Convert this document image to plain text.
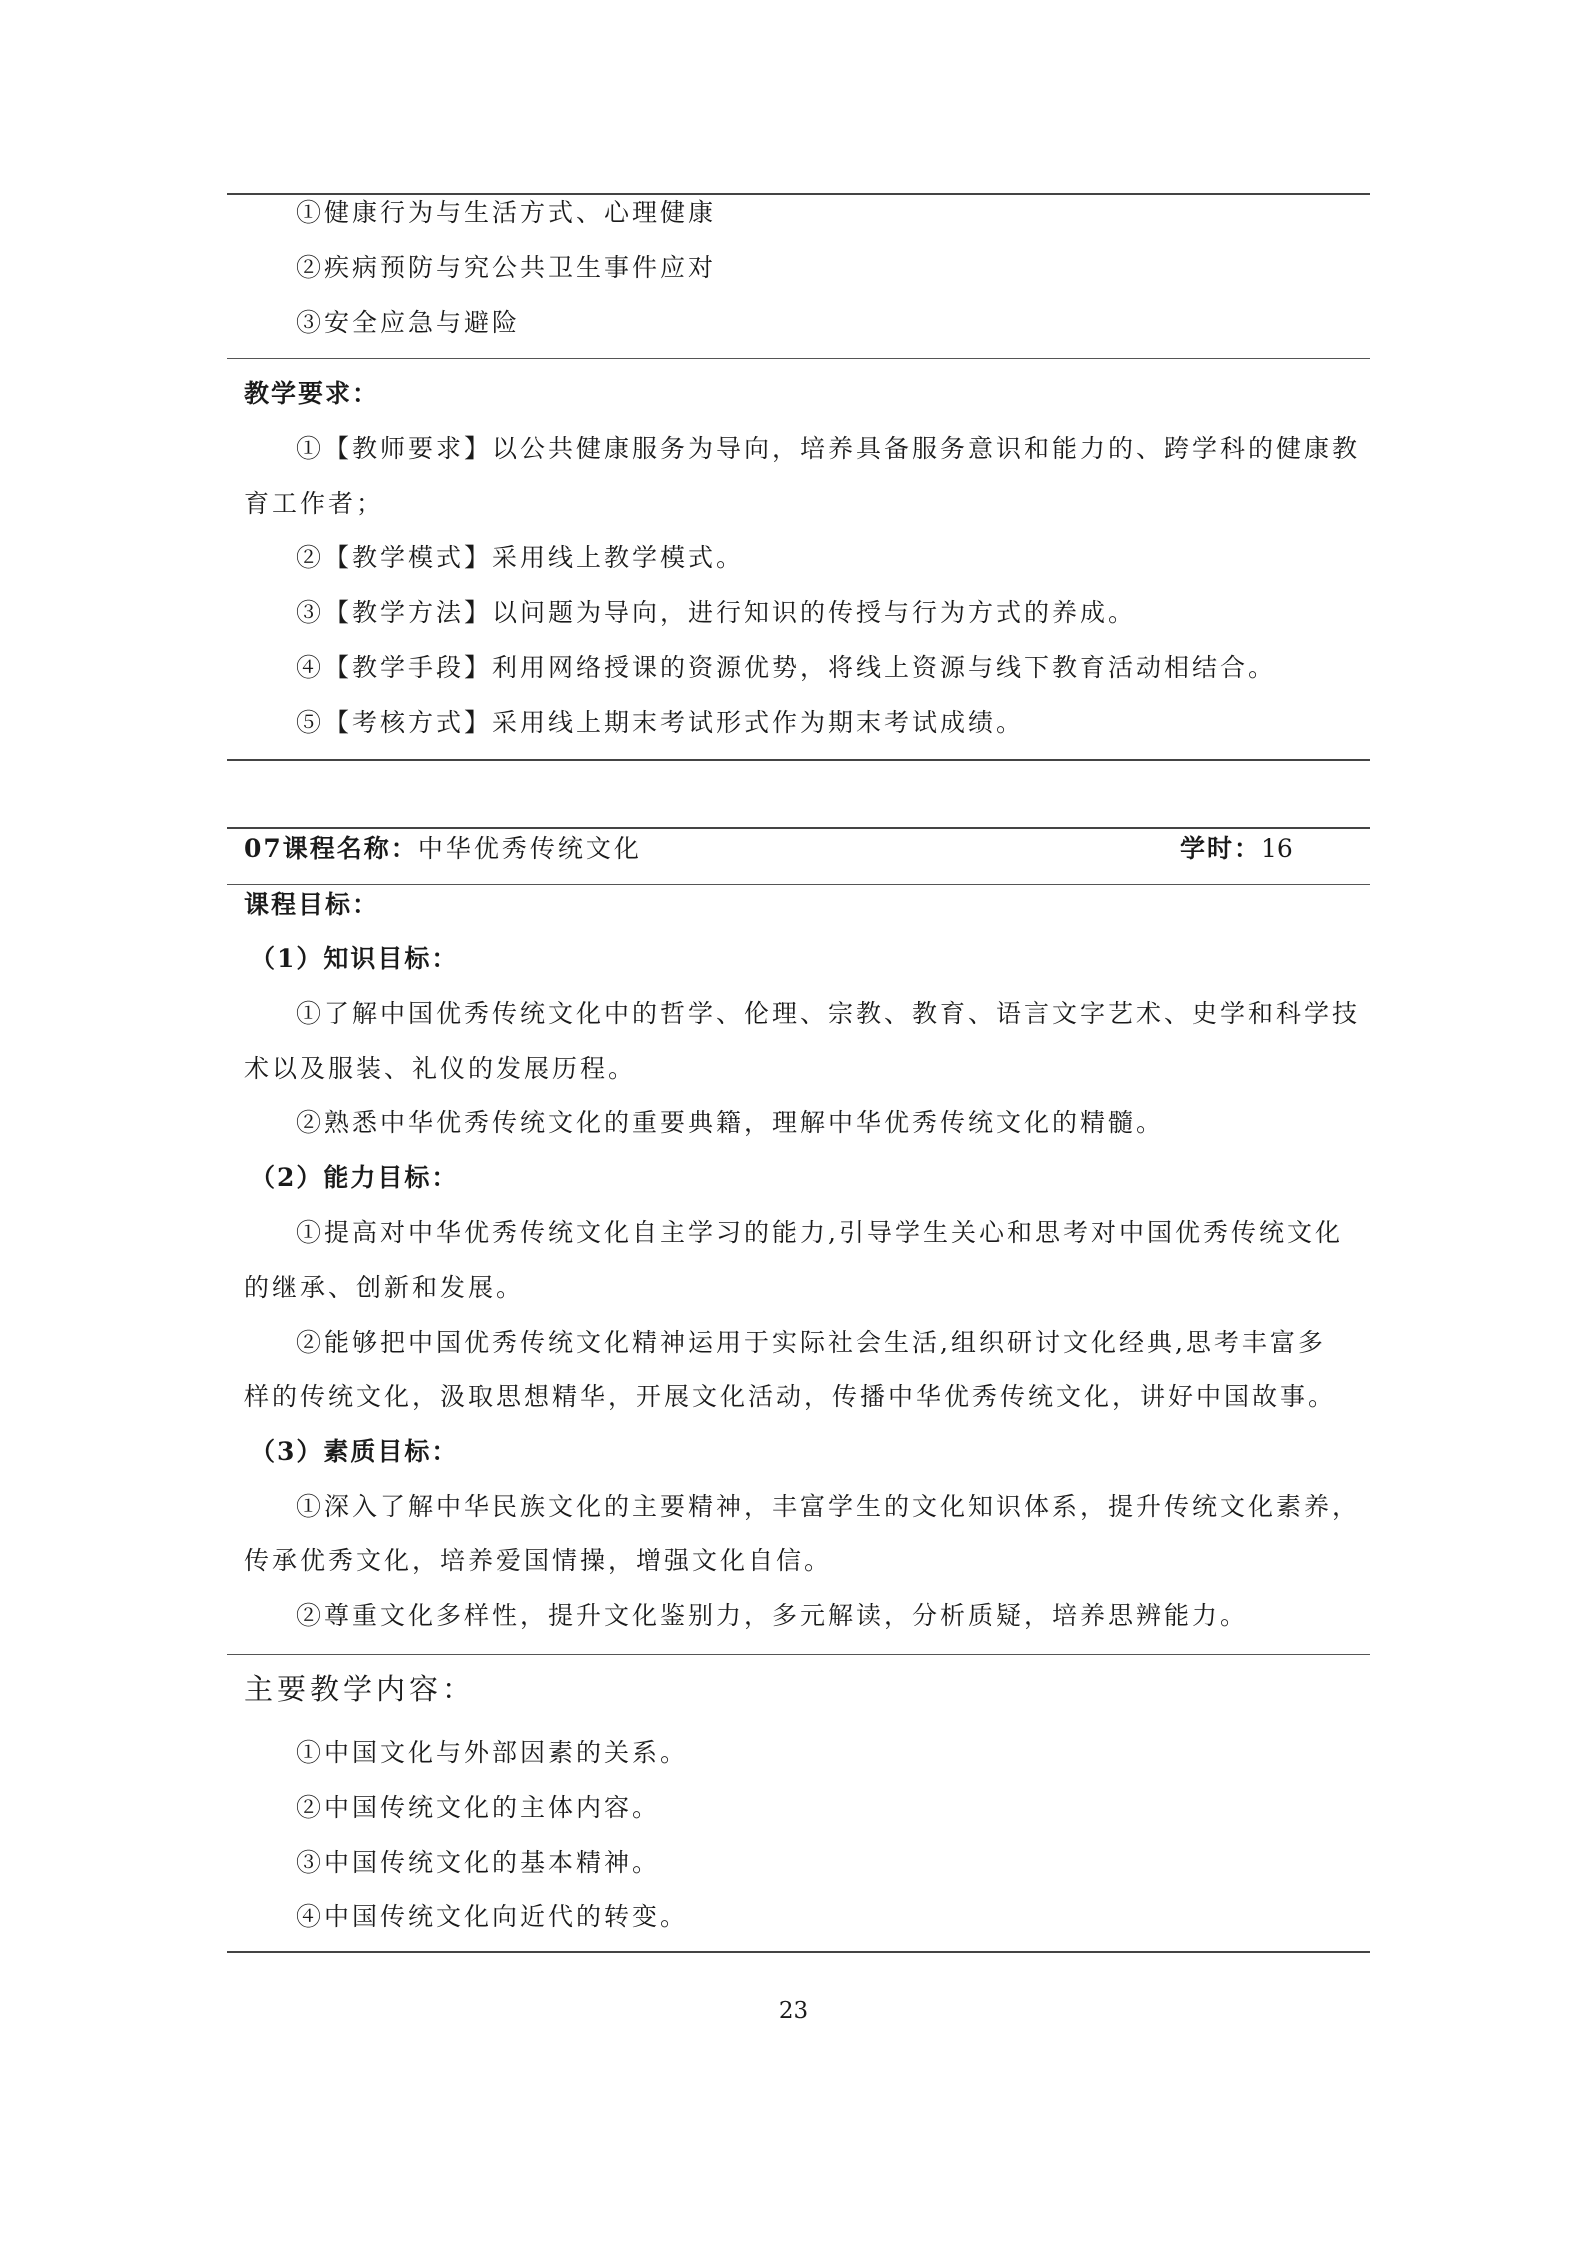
①健康行为与生活方式、心理健康
②疾病预防与究公共卫生事件应对
③安全应急与避险
教学要求：
①【教师要求】以公共健康服务为导向，培养具备服务意识和能力的、跨学科的健康教
育工作者；
②【教学模式】采用线上教学模式。
③【教学方法】以问题为导向，进行知识的传授与行为方式的养成。
④【教学手段】利用网络授课的资源优势，将线上资源与线下教育活动相结合。
⑤【考核方式】采用线上期末考试形式作为期末考试成绩。
07课程名称：中华优秀传统文化	学时：16
课程目标：
（1）知识目标：
①了解中国优秀传统文化中的哲学、伦理、宗教、教育、语言文字艺术、史学和科学技
术以及服装、礼仪的发展历程。
②熟悉中华优秀传统文化的重要典籍，理解中华优秀传统文化的精髓。
（2）能力目标：
①提高对中华优秀传统文化自主学习的能力,引导学生关心和思考对中国优秀传统文化
的继承、创新和发展。
②能够把中国优秀传统文化精神运用于实际社会生活,组织研讨文化经典,思考丰富多
样的传统文化，汲取思想精华，开展文化活动，传播中华优秀传统文化，讲好中国故事。
（3）素质目标：
①深入了解中华民族文化的主要精神，丰富学生的文化知识体系，提升传统文化素养，
传承优秀文化，培养爱国情操，增强文化自信。
②尊重文化多样性，提升文化鉴别力，多元解读，分析质疑，培养思辨能力。
主要教学内容：
①中国文化与外部因素的关系。
②中国传统文化的主体内容。
③中国传统文化的基本精神。
④中国传统文化向近代的转变。
23
